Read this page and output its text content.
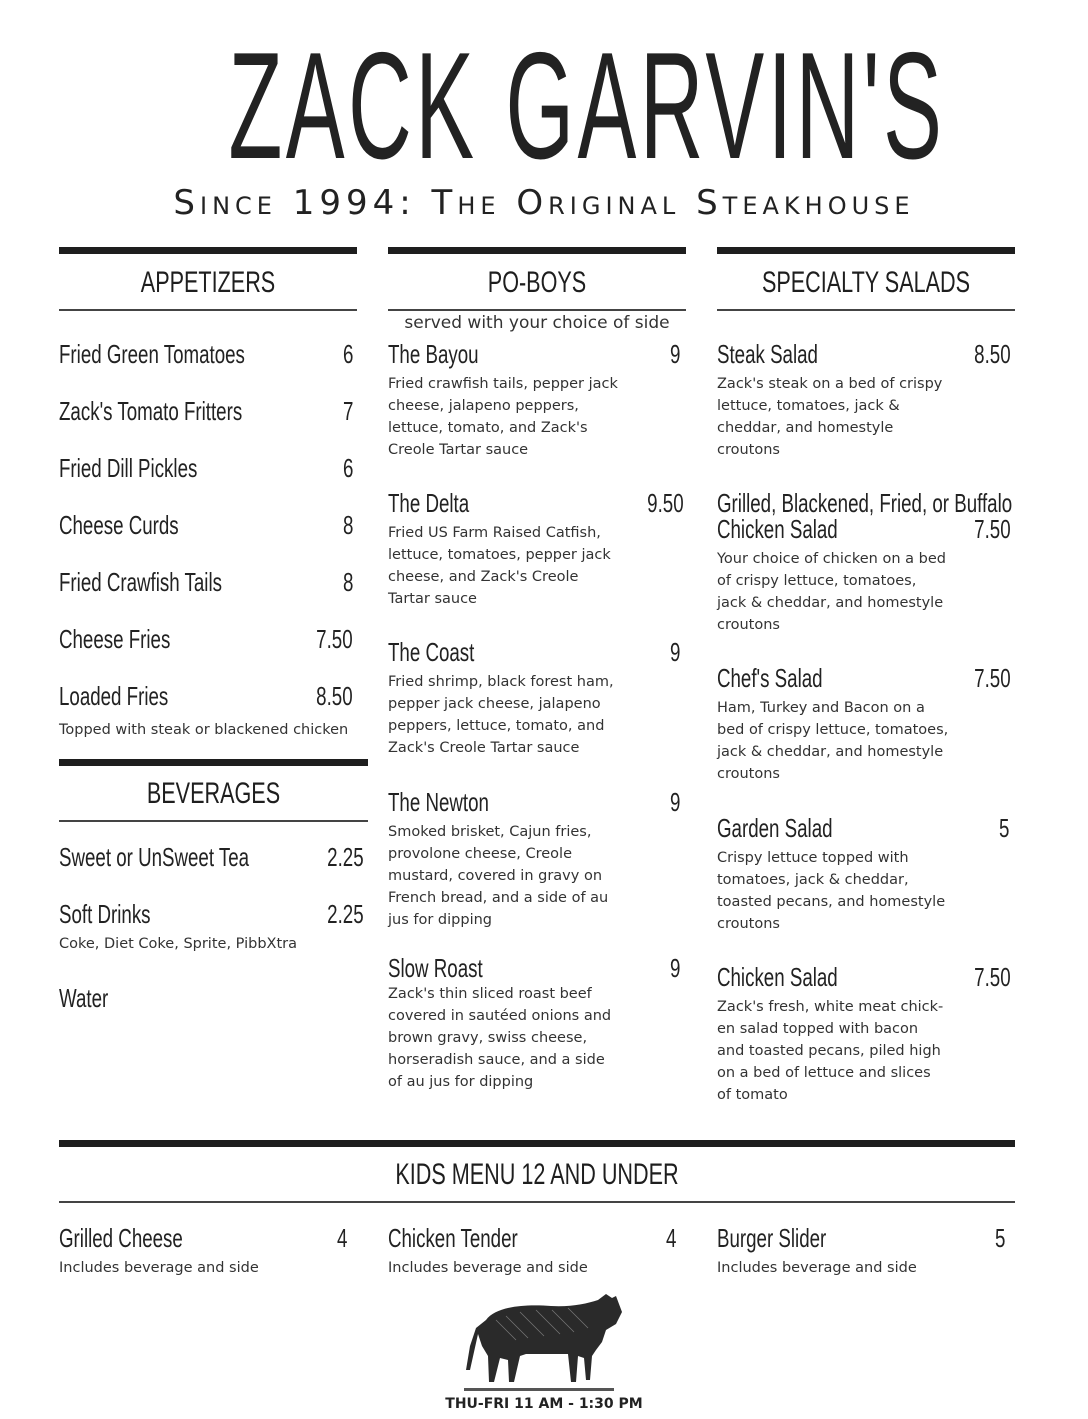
ZACK GARVIN'S
Since 1994: The Original Steakhouse
APPETIZERS
Fried Green Tomatoes	6
Zack's Tomato Fritters	7
Fried Dill Pickles	6
Cheese Curds	8
Fried Crawfish Tails	8
Cheese Fries	7.50
Loaded Fries	8.50
Topped with steak or blackened chicken
BEVERAGES
Sweet or UnSweet Tea	2.25
Soft Drinks	2.25
Coke, Diet Coke, Sprite, PibbXtra
Water
PO-BOYS
served with your choice of side
The Bayou	9
Fried crawfish tails, pepper jack cheese, jalapeno peppers, lettuce, tomato, and Zack's Creole Tartar sauce
The Delta	9.50
Fried US Farm Raised Catfish, lettuce, tomatoes, pepper jack cheese, and Zack's Creole Tartar sauce
The Coast	9
Fried shrimp, black forest ham, pepper jack cheese, jalapeno peppers, lettuce, tomato, and Zack's Creole Tartar sauce
The Newton	9
Smoked brisket, Cajun fries, provolone cheese, Creole mustard, covered in gravy on French bread, and a side of au jus for dipping
Slow Roast	9
Zack's thin sliced roast beef covered in sautéed onions and brown gravy, swiss cheese, horseradish sauce, and a side of au jus for dipping
SPECIALTY SALADS
Steak Salad	8.50
Zack's steak on a bed of crispy lettuce, tomatoes, jack & cheddar, and homestyle croutons
Grilled, Blackened, Fried, or Buffalo
Chicken Salad	7.50
Your choice of chicken on a bed of crispy lettuce, tomatoes, jack & cheddar, and homestyle croutons
Chef's Salad	7.50
Ham, Turkey and Bacon on a bed of crispy lettuce, tomatoes, jack & cheddar, and homestyle croutons
Garden Salad	5
Crispy lettuce topped with tomatoes, jack & cheddar, toasted pecans, and homestyle croutons
Chicken Salad	7.50
Zack's fresh, white meat chick-en salad topped with bacon and toasted pecans, piled high on a bed of lettuce and slices of tomato
KIDS MENU 12 AND UNDER
Grilled Cheese	4
Includes beverage and side
Chicken Tender	4
Includes beverage and side
Burger Slider	5
Includes beverage and side
THU-FRI 11 AM - 1:30 PM
